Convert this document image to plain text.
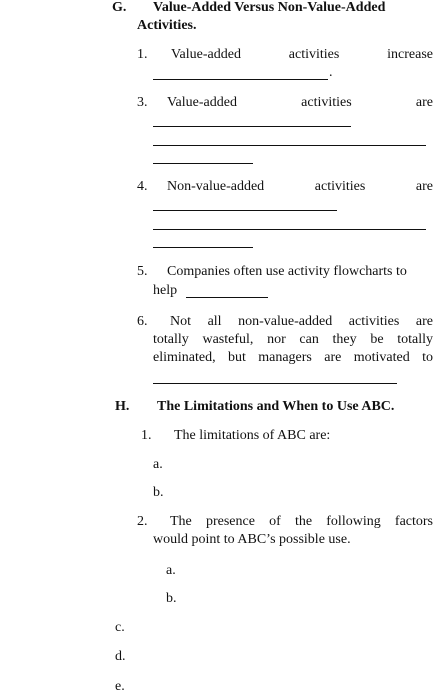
G. Value-Added Versus Non-Value-Added
Activities.
1. Value-added	activities	increase
.
3. Value-added	activities	are
4. Non-value-added	activities	are
5. Companies often use activity flowcharts to
help
6.	Not all non-value-added activities are
totally wasteful, nor can they be totally
eliminated, but managers are motivated to
H. The Limitations and When to Use ABC.
1. The limitations of ABC are:
a.
b.
2.	The presence of the following factors
would point to ABC’s possible use.
a.
b.
c.
d.
e.
